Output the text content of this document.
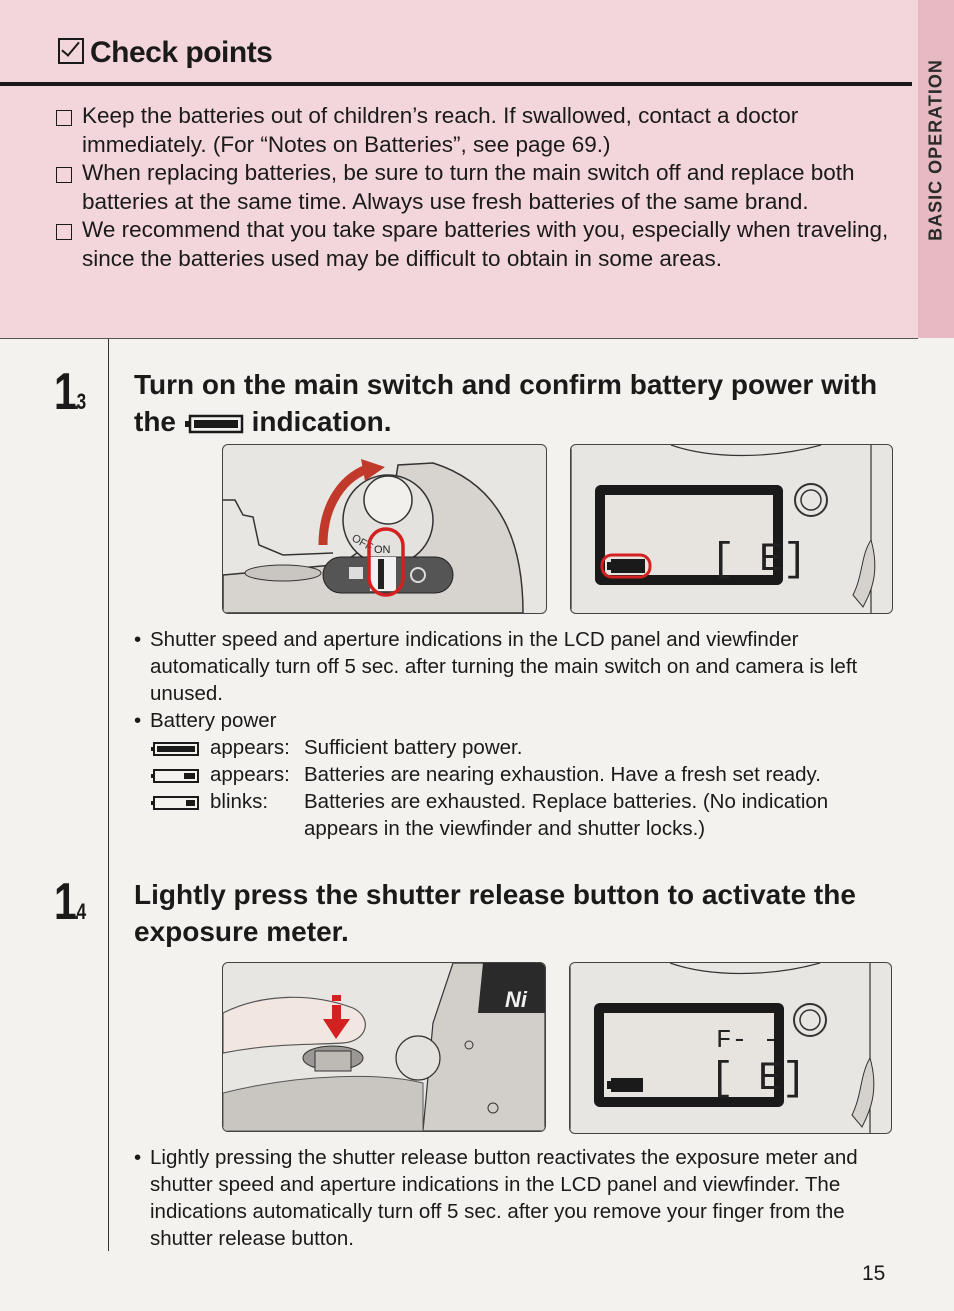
BASIC OPERATION
Check points
Keep the batteries out of children’s reach. If swallowed, contact a doctor immediately. (For “Notes on Batteries”, see page 69.)
When replacing batteries, be sure to turn the main switch off and replace both batteries at the same time. Always use fresh batteries of the same brand.
We recommend that you take spare batteries with you, especially when traveling, since the batteries used may be difficult to obtain in some areas.
1.3
Turn on the main switch and confirm battery power with the	indication.
OFF ON	[ E]
• Shutter speed and aperture indications in the LCD panel and viewfinder automatically turn off 5 sec. after turning the main switch on and camera is left unused.
• Battery power
appears: Sufficient battery power.
appears: Batteries are nearing exhaustion. Have a fresh set ready.
blinks:	Batteries are exhausted. Replace batteries. (No indication appears in the viewfinder and shutter locks.)
1.4
Lightly press the shutter release button to activate the exposure meter.
Ni
F- -
[ E]
• Lightly pressing the shutter release button reactivates the exposure meter and shutter speed and aperture indications in the LCD panel and viewfinder. The indications automatically turn off 5 sec. after you remove your finger from the shutter release button.
15
